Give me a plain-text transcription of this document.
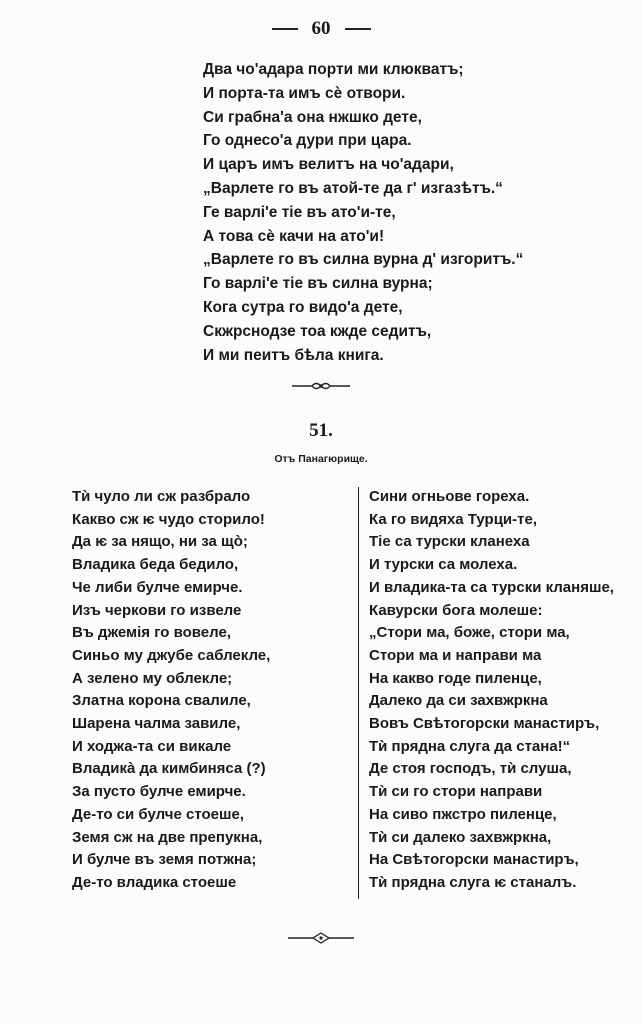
60
Два чо'адара порти ми клюкватъ;
И порта-та имъ сѐ отвори.
Си грабна'а она нжшко дете,
Го однесо'а дури при цара.
И царъ имъ велитъ на чо'адари,
„Варлете го въ атой-те да г' изгазѣтъ.“
Ге варлі'е тіе въ ато'и-те,
А това сѐ качи на ато'и!
„Варлете го въ силна вурна д' изгоритъ.“
Го варлі'е тіе въ силна вурна;
Кога сутра го видо'а дете,
Скжрснодзе тоа кжде седитъ,
И ми пеитъ бѣла книга.
51.
Отъ Панагюрище.
Тѝ чуло ли сж разбрало
Какво сж ѥ чудо сторило!
Да ѥ за нящо, ни за щò;
Владика беда бедило,
Че либи булче емирче.
Изъ черкови го извеле
Въ джемія го вовеле,
Синьо му джубе саблекле,
А зелено му облекле;
Златна корона свалиле,
Шарена чалма завиле,
И ходжа-та си викале
Владикà да кимбиняса (?)
За пусто булче емирче.
Де-то си булче стоеше,
Земя сж на две препукна,
И булче въ земя потжна;
Де-то владика стоеше
Сини огньове гореха.
Ка го видяха Турци-те,
Тіе са турски кланеха
И турски са молеха.
И владика-та са турски кланяше,
Кавурски бога молеше:
„Стори ма, боже, стори ма,
Стори ма и направи ма
На какво годе пиленце,
Далеко да си захвжркна
Вовъ Свѣтогорски манастиръ,
Тѝ прядна слуга да стана!“
Де стоя господъ, тѝ слуша,
Тѝ си го стори направи
На сиво пжстро пиленце,
Тѝ си далеко захвжркна,
На Свѣтогорски манастиръ,
Тѝ прядна слуга ѥ станалъ.
